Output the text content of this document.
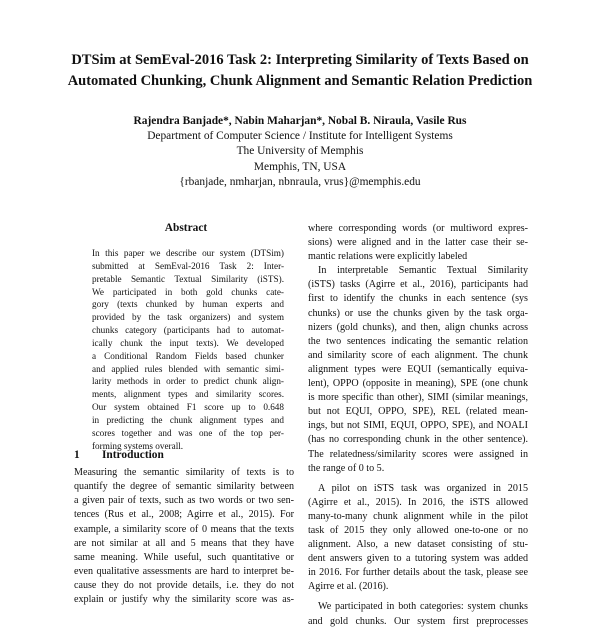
DTSim at SemEval-2016 Task 2: Interpreting Similarity of Texts Based on
Automated Chunking, Chunk Alignment and Semantic Relation Prediction
Rajendra Banjade*, Nabin Maharjan*, Nobal B. Niraula, Vasile Rus
Department of Computer Science / Institute for Intelligent Systems
The University of Memphis
Memphis, TN, USA
{rbanjade, nmharjan, nbnraula, vrus}@memphis.edu
Abstract
In this paper we describe our system (DTSim)
submitted at SemEval-2016 Task 2: Inter-
pretable Semantic Textual Similarity (iSTS).
We participated in both gold chunks cate-
gory (texts chunked by human experts and
provided by the task organizers) and system
chunks category (participants had to automat-
ically chunk the input texts). We developed
a Conditional Random Fields based chunker
and applied rules blended with semantic simi-
larity methods in order to predict chunk align-
ments, alignment types and similarity scores.
Our system obtained F1 score up to 0.648
in predicting the chunk alignment types and
scores together and was one of the top per-
forming systems overall.
1 Introduction
Measuring the semantic similarity of texts is to
quantify the degree of semantic similarity between
a given pair of texts, such as two words or two sen-
tences (Rus et al., 2008; Agirre et al., 2015). For
example, a similarity score of 0 means that the texts
are not similar at all and 5 means that they have
same meaning. While useful, such quantitative or
even qualitative assessments are hard to interpret be-
cause they do not provide details, i.e. they do not
explain or justify why the similarity score was as-
where corresponding words (or multiword expres-
sions) were aligned and in the latter case their se-
mantic relations were explicitly labeled
In interpretable Semantic Textual Similarity
(iSTS) tasks (Agirre et al., 2016), participants had
first to identify the chunks in each sentence (sys
chunks) or use the chunks given by the task orga-
nizers (gold chunks), and then, align chunks across
the two sentences indicating the semantic relation
and similarity score of each alignment. The chunk
alignment types were EQUI (semantically equiva-
lent), OPPO (opposite in meaning), SPE (one chunk
is more specific than other), SIMI (similar meanings,
but not EQUI, OPPO, SPE), REL (related mean-
ings, but not SIMI, EQUI, OPPO, SPE), and NOALI
(has no corresponding chunk in the other sentence).
The relatedness/similarity scores were assigned in
the range of 0 to 5.
A pilot on iSTS task was organized in 2015
(Agirre et al., 2015). In 2016, the iSTS allowed
many-to-many chunk alignment while in the pilot
task of 2015 they only allowed one-to-one or no
alignment. Also, a new dataset consisting of stu-
dent answers given to a tutoring system was added
in 2016. For further details about the task, please see
Agirre et al. (2016).
We participated in both categories: system chunks
and gold chunks. Our system first preprocesses
